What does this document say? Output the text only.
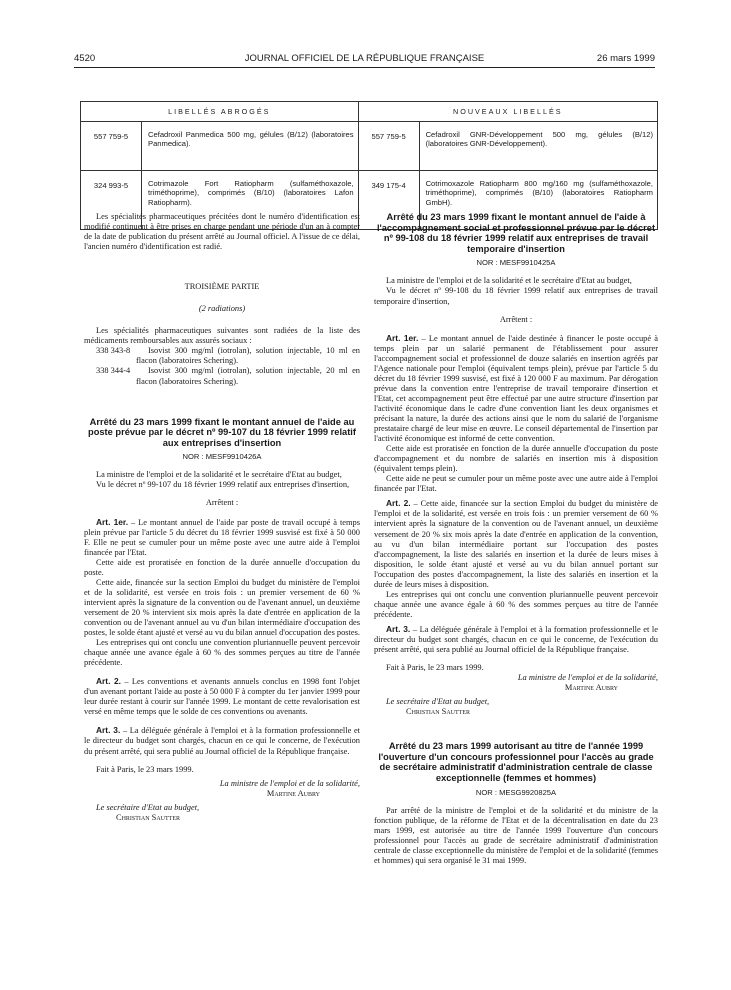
4520	JOURNAL OFFICIEL DE LA RÉPUBLIQUE FRANÇAISE	26 mars 1999
LIBELLÉS ABROGÉS		NOUVEAUX LIBELLÉS	
557 759-5	Cefadroxil Panmedica 500 mg, gélules (B/12) (laboratoires Panmedica).	557 759-5	Cefadroxil GNR-Développement 500 mg, gélules (B/12) (laboratoires GNR-Développement).
324 993-5	Cotrimazole Fort Ratiopharm (sulfaméthoxazole, triméthoprime), comprimés (B/10) (laboratoires Lafon Ratiopharm).	349 175-4	Cotrimoxazole Ratiopharm 800 mg/160 mg (sulfaméthoxazole, triméthoprime), comprimés (B/10) (laboratoires Ratiopharm GmbH).

Les spécialités pharmaceutiques précitées dont le numéro d'identification est modifié continuent à être prises en charge pendant une période d'un an à compter de la date de publication du présent arrêté au Journal officiel. A l'issue de ce délai, l'ancien numéro d'identification est radié.

TROISIÈME PARTIE

(2 radiations)

Les spécialités pharmaceutiques suivantes sont radiées de la liste des médicaments remboursables aux assurés sociaux :

338 343-8 Isovist 300 mg/ml (iotrolan), solution injectable, 10 ml en flacon (laboratoires Schering).

338 344-4 Isovist 300 mg/ml (iotrolan), solution injectable, 20 ml en flacon (laboratoires Schering).

Arrêté du 23 mars 1999 fixant le montant annuel de l'aide au poste prévue par le décret nº 99-107 du 18 février 1999 relatif aux entreprises d'insertion

NOR : MESF9910426A

La ministre de l'emploi et de la solidarité et le secrétaire d'Etat au budget,

Vu le décret nº 99-107 du 18 février 1999 relatif aux entreprises d'insertion,

Arrêtent :

Art. 1er. – Le montant annuel de l'aide par poste de travail occupé à temps plein prévue par l'article 5 du décret du 18 février 1999 susvisé est fixé à 50 000 F. Elle ne peut se cumuler pour un même poste avec une autre aide à l'emploi financée par l'Etat.

Cette aide est proratisée en fonction de la durée annuelle d'occupation du poste.

Cette aide, financée sur la section Emploi du budget du ministère de l'emploi et de la solidarité, est versée en trois fois : un premier versement de 60 % intervient après la signature de la convention ou de l'avenant annuel, un deuxième versement de 20 % intervient six mois après la date d'entrée en application de la convention ou de l'avenant annuel au vu d'un bilan intermédiaire d'occupation des postes, le solde étant ajusté et versé au vu du bilan annuel d'occupation des postes.

Les entreprises qui ont conclu une convention pluriannuelle peuvent percevoir chaque année une avance égale à 60 % des sommes perçues au titre de l'année précédente.

Art. 2. – Les conventions et avenants annuels conclus en 1998 font l'objet d'un avenant portant l'aide au poste à 50 000 F à compter du 1er janvier 1999 pour leur durée restant à courir sur l'année 1999. Le montant de cette revalorisation est versé en même temps que le solde de ces conventions ou avenants.

Art. 3. – La déléguée générale à l'emploi et à la formation professionnelle et le directeur du budget sont chargés, chacun en ce qui le concerne, de l'exécution du présent arrêté, qui sera publié au Journal officiel de la République française.

Fait à Paris, le 23 mars 1999.

La ministre de l'emploi et de la solidarité,

Martine Aubry

Le secrétaire d'Etat au budget,

Christian Sautter

Arrêté du 23 mars 1999 fixant le montant annuel de l'aide à l'accompagnement social et professionnel prévue par le décret nº 99-108 du 18 février 1999 relatif aux entreprises de travail temporaire d'insertion

NOR : MESF9910425A

La ministre de l'emploi et de la solidarité et le secrétaire d'Etat au budget,

Vu le décret nº 99-108 du 18 février 1999 relatif aux entreprises de travail temporaire d'insertion,

Arrêtent :

Art. 1er. – Le montant annuel de l'aide destinée à financer le poste occupé à temps plein par un salarié permanent de l'établissement pour assurer l'accompagnement social et professionnel de douze salariés en insertion agréés par l'Agence nationale pour l'emploi (équivalent temps plein), prévue par l'article 5 du décret du 18 février 1999 susvisé, est fixé à 120 000 F au maximum. Par dérogation prévue dans la convention entre l'entreprise de travail temporaire d'insertion et l'Etat, cet accompagnement peut être effectué par une autre structure d'insertion par l'activité économique dans le cadre d'une convention liant les deux organismes et précisant la nature, la durée des actions ainsi que le nom du salarié de l'organisme prestataire chargé de leur mise en œuvre. Le conseil départemental de l'insertion par l'activité économique est informé de cette convention.

Cette aide est proratisée en fonction de la durée annuelle d'occupation du poste d'accompagnement et du nombre de salariés en insertion mis à disposition (équivalent temps plein).

Cette aide ne peut se cumuler pour un même poste avec une autre aide à l'emploi financée par l'Etat.

Art. 2. – Cette aide, financée sur la section Emploi du budget du ministère de l'emploi et de la solidarité, est versée en trois fois : un premier versement de 60 % intervient après la signature de la convention ou de l'avenant annuel, un deuxième versement de 20 % six mois après la date d'entrée en application de la convention, au vu d'un bilan intermédiaire portant sur l'occupation des postes d'accompagnement, la liste des salariés en insertion et la durée de leurs mises à disposition, le solde étant ajusté et versé au vu du bilan annuel portant sur l'occupation des postes d'accompagnement, la liste des salariés en insertion et la durée de leurs mises à disposition.

Les entreprises qui ont conclu une convention pluriannuelle peuvent percevoir chaque année une avance égale à 60 % des sommes perçues au titre de l'année précédente.

Art. 3. – La déléguée générale à l'emploi et à la formation professionnelle et le directeur du budget sont chargés, chacun en ce qui le concerne, de l'exécution du présent arrêté, qui sera publié au Journal officiel de la République française.

Fait à Paris, le 23 mars 1999.

La ministre de l'emploi et de la solidarité,

Martine Aubry

Le secrétaire d'Etat au budget,

Christian Sautter

Arrêté du 23 mars 1999 autorisant au titre de l'année 1999 l'ouverture d'un concours professionnel pour l'accès au grade de secrétaire administratif d'administration centrale de classe exceptionnelle (femmes et hommes)

NOR : MESG9920825A

Par arrêté de la ministre de l'emploi et de la solidarité et du ministre de la fonction publique, de la réforme de l'Etat et de la décentralisation en date du 23 mars 1999, est autorisée au titre de l'année 1999 l'ouverture d'un concours professionnel pour l'accès au grade de secrétaire administratif d'administration centrale de classe exceptionnelle du ministère de l'emploi et de la solidarité (femmes et hommes) qui sera organisé le 31 mai 1999.
